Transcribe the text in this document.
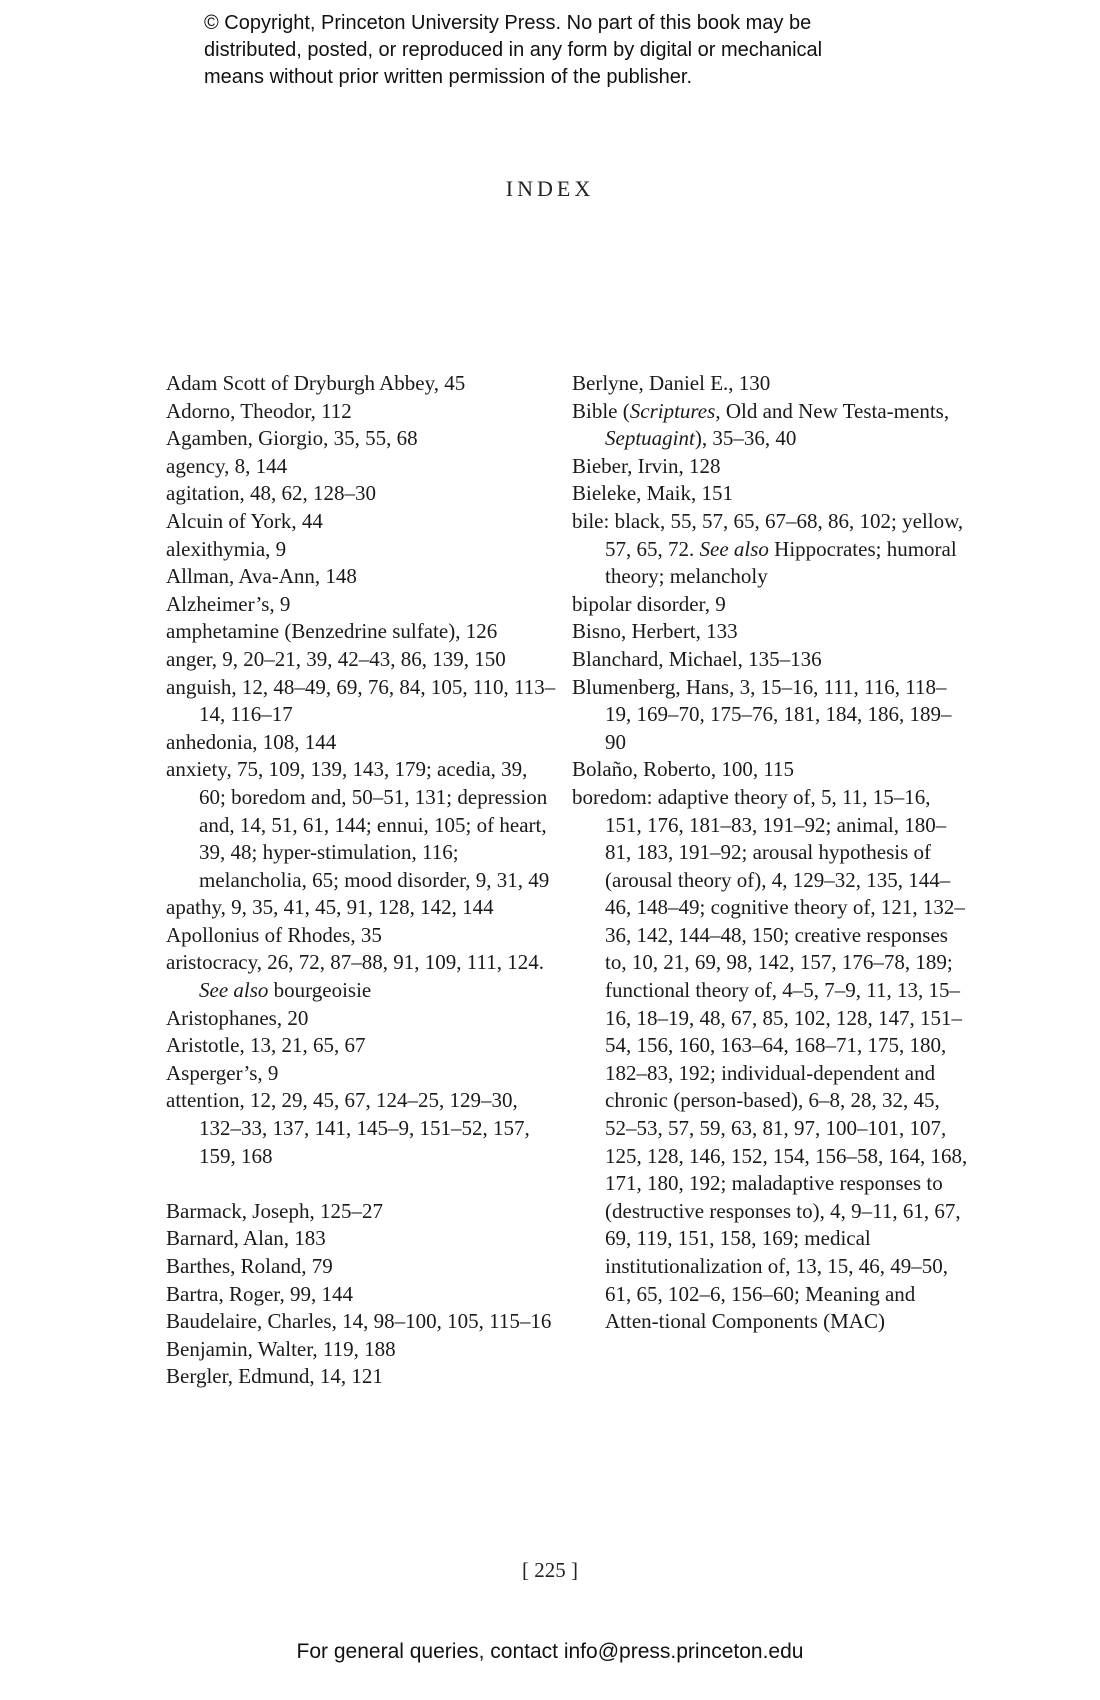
© Copyright, Princeton University Press. No part of this book may be
distributed, posted, or reproduced in any form by digital or mechanical
means without prior written permission of the publisher.
INDEX
Adam Scott of Dryburgh Abbey, 45
Adorno, Theodor, 112
Agamben, Giorgio, 35, 55, 68
agency, 8, 144
agitation, 48, 62, 128–30
Alcuin of York, 44
alexithymia, 9
Allman, Ava-Ann, 148
Alzheimer’s, 9
amphetamine (Benzedrine sulfate), 126
anger, 9, 20–21, 39, 42–43, 86, 139, 150
anguish, 12, 48–49, 69, 76, 84, 105, 110, 113–14, 116–17
anhedonia, 108, 144
anxiety, 75, 109, 139, 143, 179; acedia, 39, 60; boredom and, 50–51, 131; depression and, 14, 51, 61, 144; ennui, 105; of heart, 39, 48; hyper-stimulation, 116; melancholia, 65; mood disorder, 9, 31, 49
apathy, 9, 35, 41, 45, 91, 128, 142, 144
Apollonius of Rhodes, 35
aristocracy, 26, 72, 87–88, 91, 109, 111, 124. See also bourgeoisie
Aristophanes, 20
Aristotle, 13, 21, 65, 67
Asperger’s, 9
attention, 12, 29, 45, 67, 124–25, 129–30, 132–33, 137, 141, 145–9, 151–52, 157, 159, 168
Barmack, Joseph, 125–27
Barnard, Alan, 183
Barthes, Roland, 79
Bartra, Roger, 99, 144
Baudelaire, Charles, 14, 98–100, 105, 115–16
Benjamin, Walter, 119, 188
Bergler, Edmund, 14, 121
Berlyne, Daniel E., 130
Bible (Scriptures, Old and New Testa-ments, Septuagint), 35–36, 40
Bieber, Irvin, 128
Bieleke, Maik, 151
bile: black, 55, 57, 65, 67–68, 86, 102; yellow, 57, 65, 72. See also Hippocrates; humoral theory; melancholy
bipolar disorder, 9
Bisno, Herbert, 133
Blanchard, Michael, 135–136
Blumenberg, Hans, 3, 15–16, 111, 116, 118–19, 169–70, 175–76, 181, 184, 186, 189–90
Bolaño, Roberto, 100, 115
boredom: adaptive theory of, 5, 11, 15–16, 151, 176, 181–83, 191–92; animal, 180–81, 183, 191–92; arousal hypothesis of (arousal theory of), 4, 129–32, 135, 144–46, 148–49; cognitive theory of, 121, 132–36, 142, 144–48, 150; creative responses to, 10, 21, 69, 98, 142, 157, 176–78, 189; functional theory of, 4–5, 7–9, 11, 13, 15–16, 18–19, 48, 67, 85, 102, 128, 147, 151–54, 156, 160, 163–64, 168–71, 175, 180, 182–83, 192; individual-dependent and chronic (person-based), 6–8, 28, 32, 45, 52–53, 57, 59, 63, 81, 97, 100–101, 107, 125, 128, 146, 152, 154, 156–58, 164, 168, 171, 180, 192; maladaptive responses to (destructive responses to), 4, 9–11, 61, 67, 69, 119, 151, 158, 169; medical institutionalization of, 13, 15, 46, 49–50, 61, 65, 102–6, 156–60; Meaning and Atten-tional Components (MAC)
[ 225 ]
For general queries, contact info@press.princeton.edu
